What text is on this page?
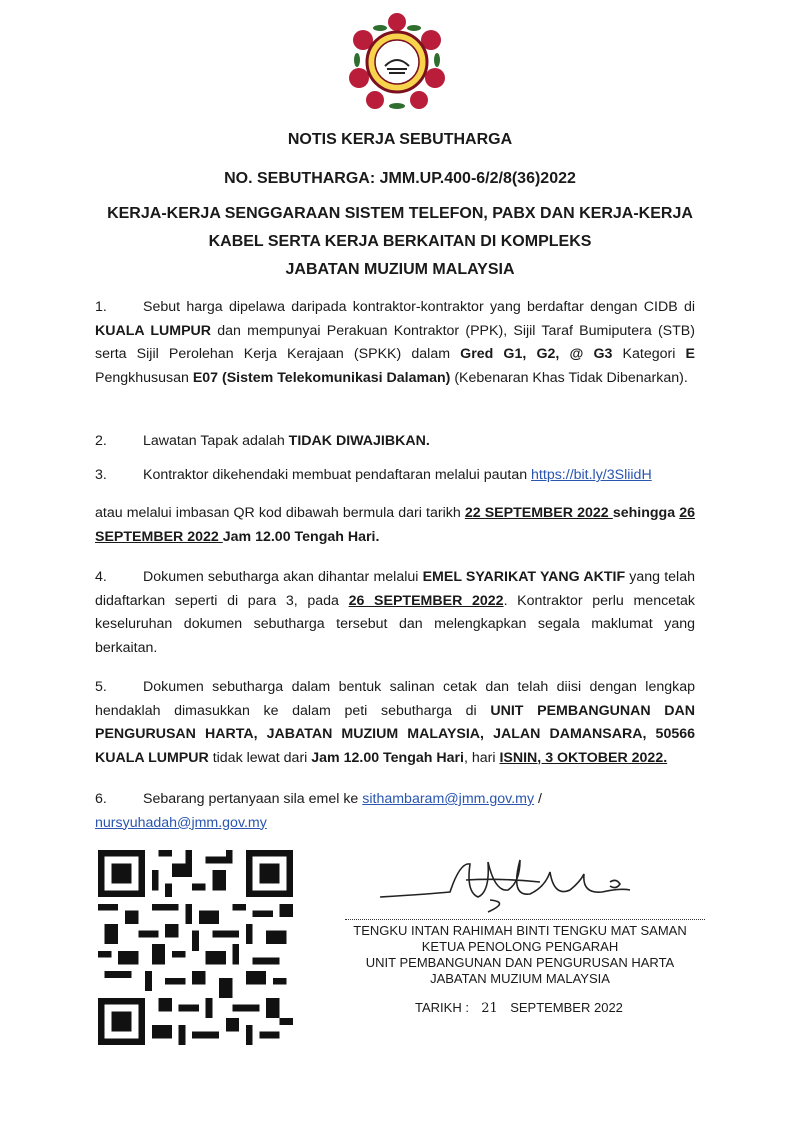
NOTIS KERJA SEBUTHARGA
NO. SEBUTHARGA: JMM.UP.400-6/2/8(36)2022
KERJA-KERJA SENGGARAAN SISTEM TELEFON, PABX DAN KERJA-KERJA
KABEL SERTA KERJA BERKAITAN DI KOMPLEKS
JABATAN MUZIUM MALAYSIA
1.	Sebut harga dipelawa daripada kontraktor-kontraktor yang berdaftar dengan CIDB di KUALA LUMPUR dan mempunyai Perakuan Kontraktor (PPK), Sijil Taraf Bumiputera (STB) serta Sijil Perolehan Kerja Kerajaan (SPKK) dalam Gred G1, G2, @ G3 Kategori E Pengkhususan E07 (Sistem Telekomunikasi Dalaman) (Kebenaran Khas Tidak Dibenarkan).
2.	Lawatan Tapak adalah TIDAK DIWAJIBKAN.
3.	Kontraktor dikehendaki membuat pendaftaran melalui pautan https://bit.ly/3SliidH
atau melalui imbasan QR kod dibawah bermula dari tarikh 22 SEPTEMBER 2022 sehingga 26 SEPTEMBER 2022 Jam 12.00 Tengah Hari.
4.	Dokumen sebutharga akan dihantar melalui EMEL SYARIKAT YANG AKTIF yang telah didaftarkan seperti di para 3, pada 26 SEPTEMBER 2022. Kontraktor perlu mencetak keseluruhan dokumen sebutharga tersebut dan melengkapkan segala maklumat yang berkaitan.
5.	Dokumen sebutharga dalam bentuk salinan cetak dan telah diisi dengan lengkap hendaklah dimasukkan ke dalam peti sebutharga di UNIT PEMBANGUNAN DAN PENGURUSAN HARTA, JABATAN MUZIUM MALAYSIA, JALAN DAMANSARA, 50566 KUALA LUMPUR tidak lewat dari Jam 12.00 Tengah Hari, hari ISNIN, 3 OKTOBER 2022.
6.	Sebarang pertanyaan sila emel ke sithambaram@jmm.gov.my /
nursyuhadah@jmm.gov.my
TENGKU INTAN RAHIMAH BINTI TENGKU MAT SAMAN
KETUA PENOLONG PENGARAH
UNIT PEMBANGUNAN DAN PENGURUSAN HARTA
JABATAN MUZIUM MALAYSIA
TARIKH : 21 SEPTEMBER 2022
